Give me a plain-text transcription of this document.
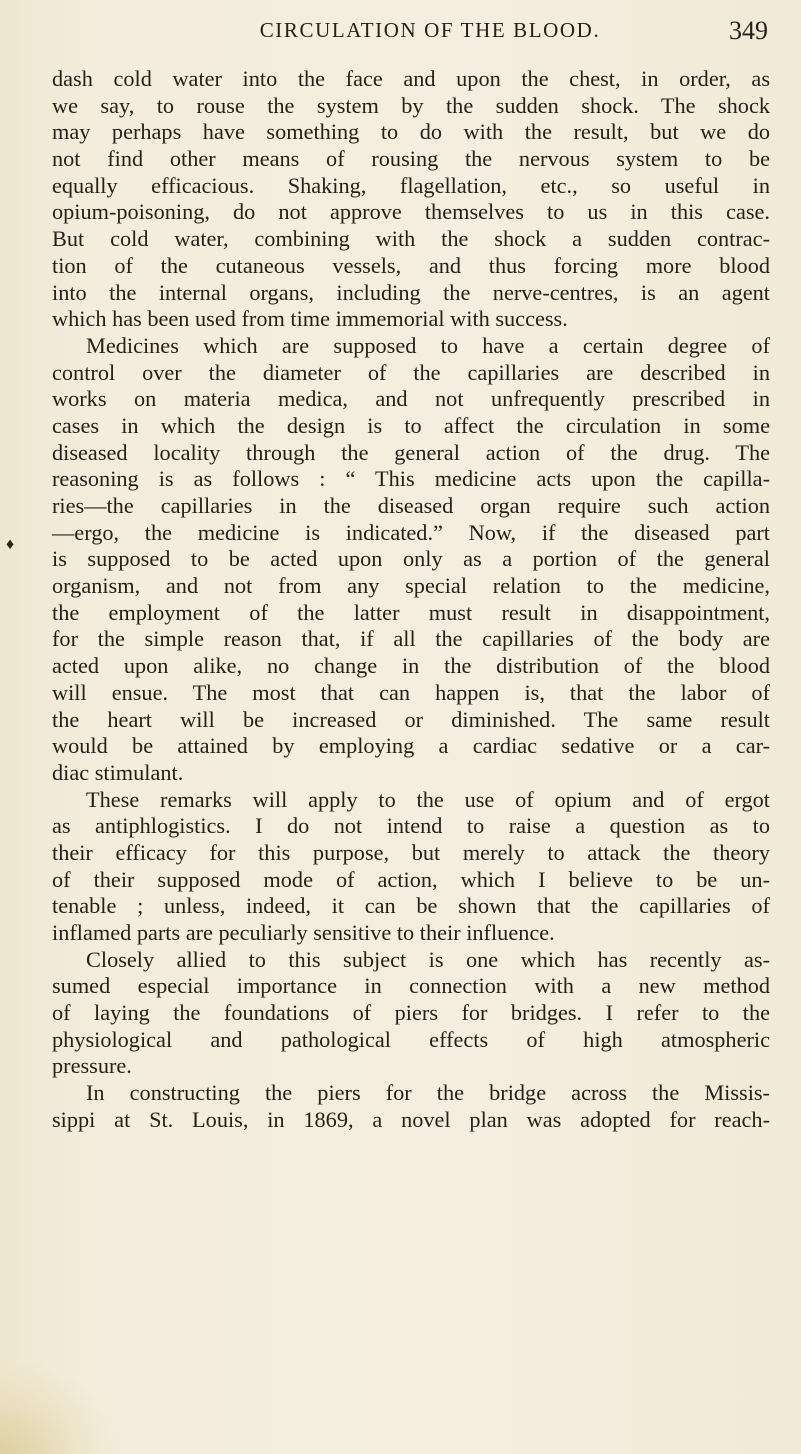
CIRCULATION OF THE BLOOD.	349
♦
dash cold water into the face and upon the chest, in order, as
we say, to rouse the system by the sudden shock. The shock
may perhaps have something to do with the result, but we do
not find other means of rousing the nervous system to be
equally efficacious. Shaking, flagellation, etc., so useful in
opium-poisoning, do not approve themselves to us in this case.
But cold water, combining with the shock a sudden contrac-
tion of the cutaneous vessels, and thus forcing more blood
into the internal organs, including the nerve-centres, is an agent
which has been used from time immemorial with success.
Medicines which are supposed to have a certain degree of
control over the diameter of the capillaries are described in
works on materia medica, and not unfrequently prescribed in
cases in which the design is to affect the circulation in some
diseased locality through the general action of the drug. The
reasoning is as follows : “ This medicine acts upon the capilla-
ries—the capillaries in the diseased organ require such action
—ergo, the medicine is indicated.” Now, if the diseased part
is supposed to be acted upon only as a portion of the general
organism, and not from any special relation to the medicine,
the employment of the latter must result in disappointment,
for the simple reason that, if all the capillaries of the body are
acted upon alike, no change in the distribution of the blood
will ensue. The most that can happen is, that the labor of
the heart will be increased or diminished. The same result
would be attained by employing a cardiac sedative or a car-
diac stimulant.
These remarks will apply to the use of opium and of ergot
as antiphlogistics. I do not intend to raise a question as to
their efficacy for this purpose, but merely to attack the theory
of their supposed mode of action, which I believe to be un-
tenable ; unless, indeed, it can be shown that the capillaries of
inflamed parts are peculiarly sensitive to their influence.
Closely allied to this subject is one which has recently as-
sumed especial importance in connection with a new method
of laying the foundations of piers for bridges. I refer to the
physiological and pathological effects of high atmospheric
pressure.
In constructing the piers for the bridge across the Missis-
sippi at St. Louis, in 1869, a novel plan was adopted for reach-
